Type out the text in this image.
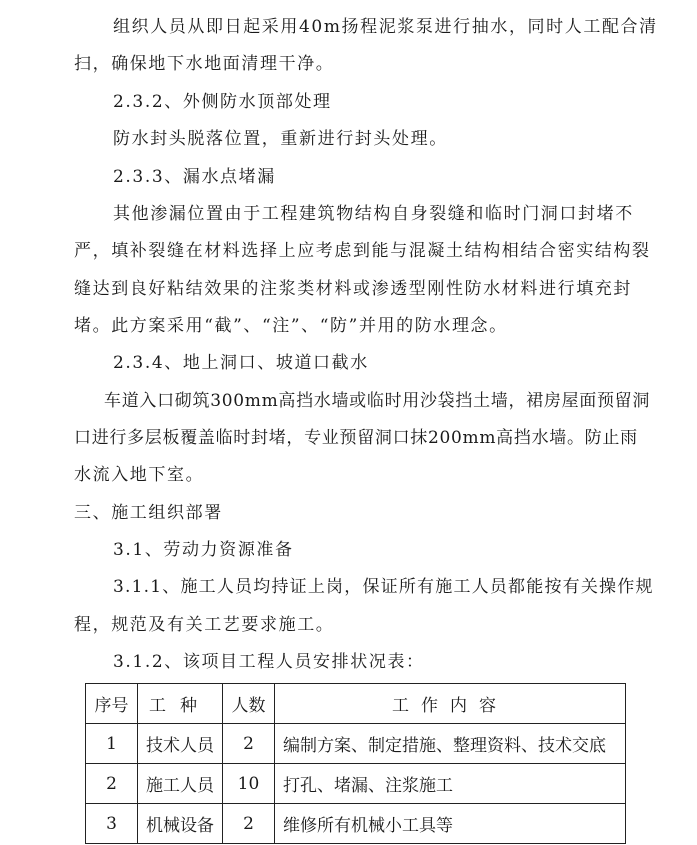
组织人员从即日起采用40m扬程泥浆泵进行抽水，同时人工配合清
扫，确保地下水地面清理干净。
2.3.2、外侧防水顶部处理
防水封头脱落位置，重新进行封头处理。
2.3.3、漏水点堵漏
其他渗漏位置由于工程建筑物结构自身裂缝和临时门洞口封堵不
严，填补裂缝在材料选择上应考虑到能与混凝土结构相结合密实结构裂
缝达到良好粘结效果的注浆类材料或渗透型刚性防水材料进行填充封
堵。此方案采用“截”、“注”、“防”并用的防水理念。
2.3.4、地上洞口、坡道口截水
车道入口砌筑300mm高挡水墙或临时用沙袋挡土墙，裙房屋面预留洞
口进行多层板覆盖临时封堵，专业预留洞口抹200mm高挡水墙。防止雨
水流入地下室。
三、施工组织部署
3.1、劳动力资源准备
3.1.1、施工人员均持证上岗，保证所有施工人员都能按有关操作规
程，规范及有关工艺要求施工。
3.1.2、该项目工程人员安排状况表：
序号	工种	人数	工作内容
1	技术人员	2	编制方案、制定措施、整理资料、技术交底
2	施工人员	10	打孔、堵漏、注浆施工
3	机械设备	2	维修所有机械小工具等
